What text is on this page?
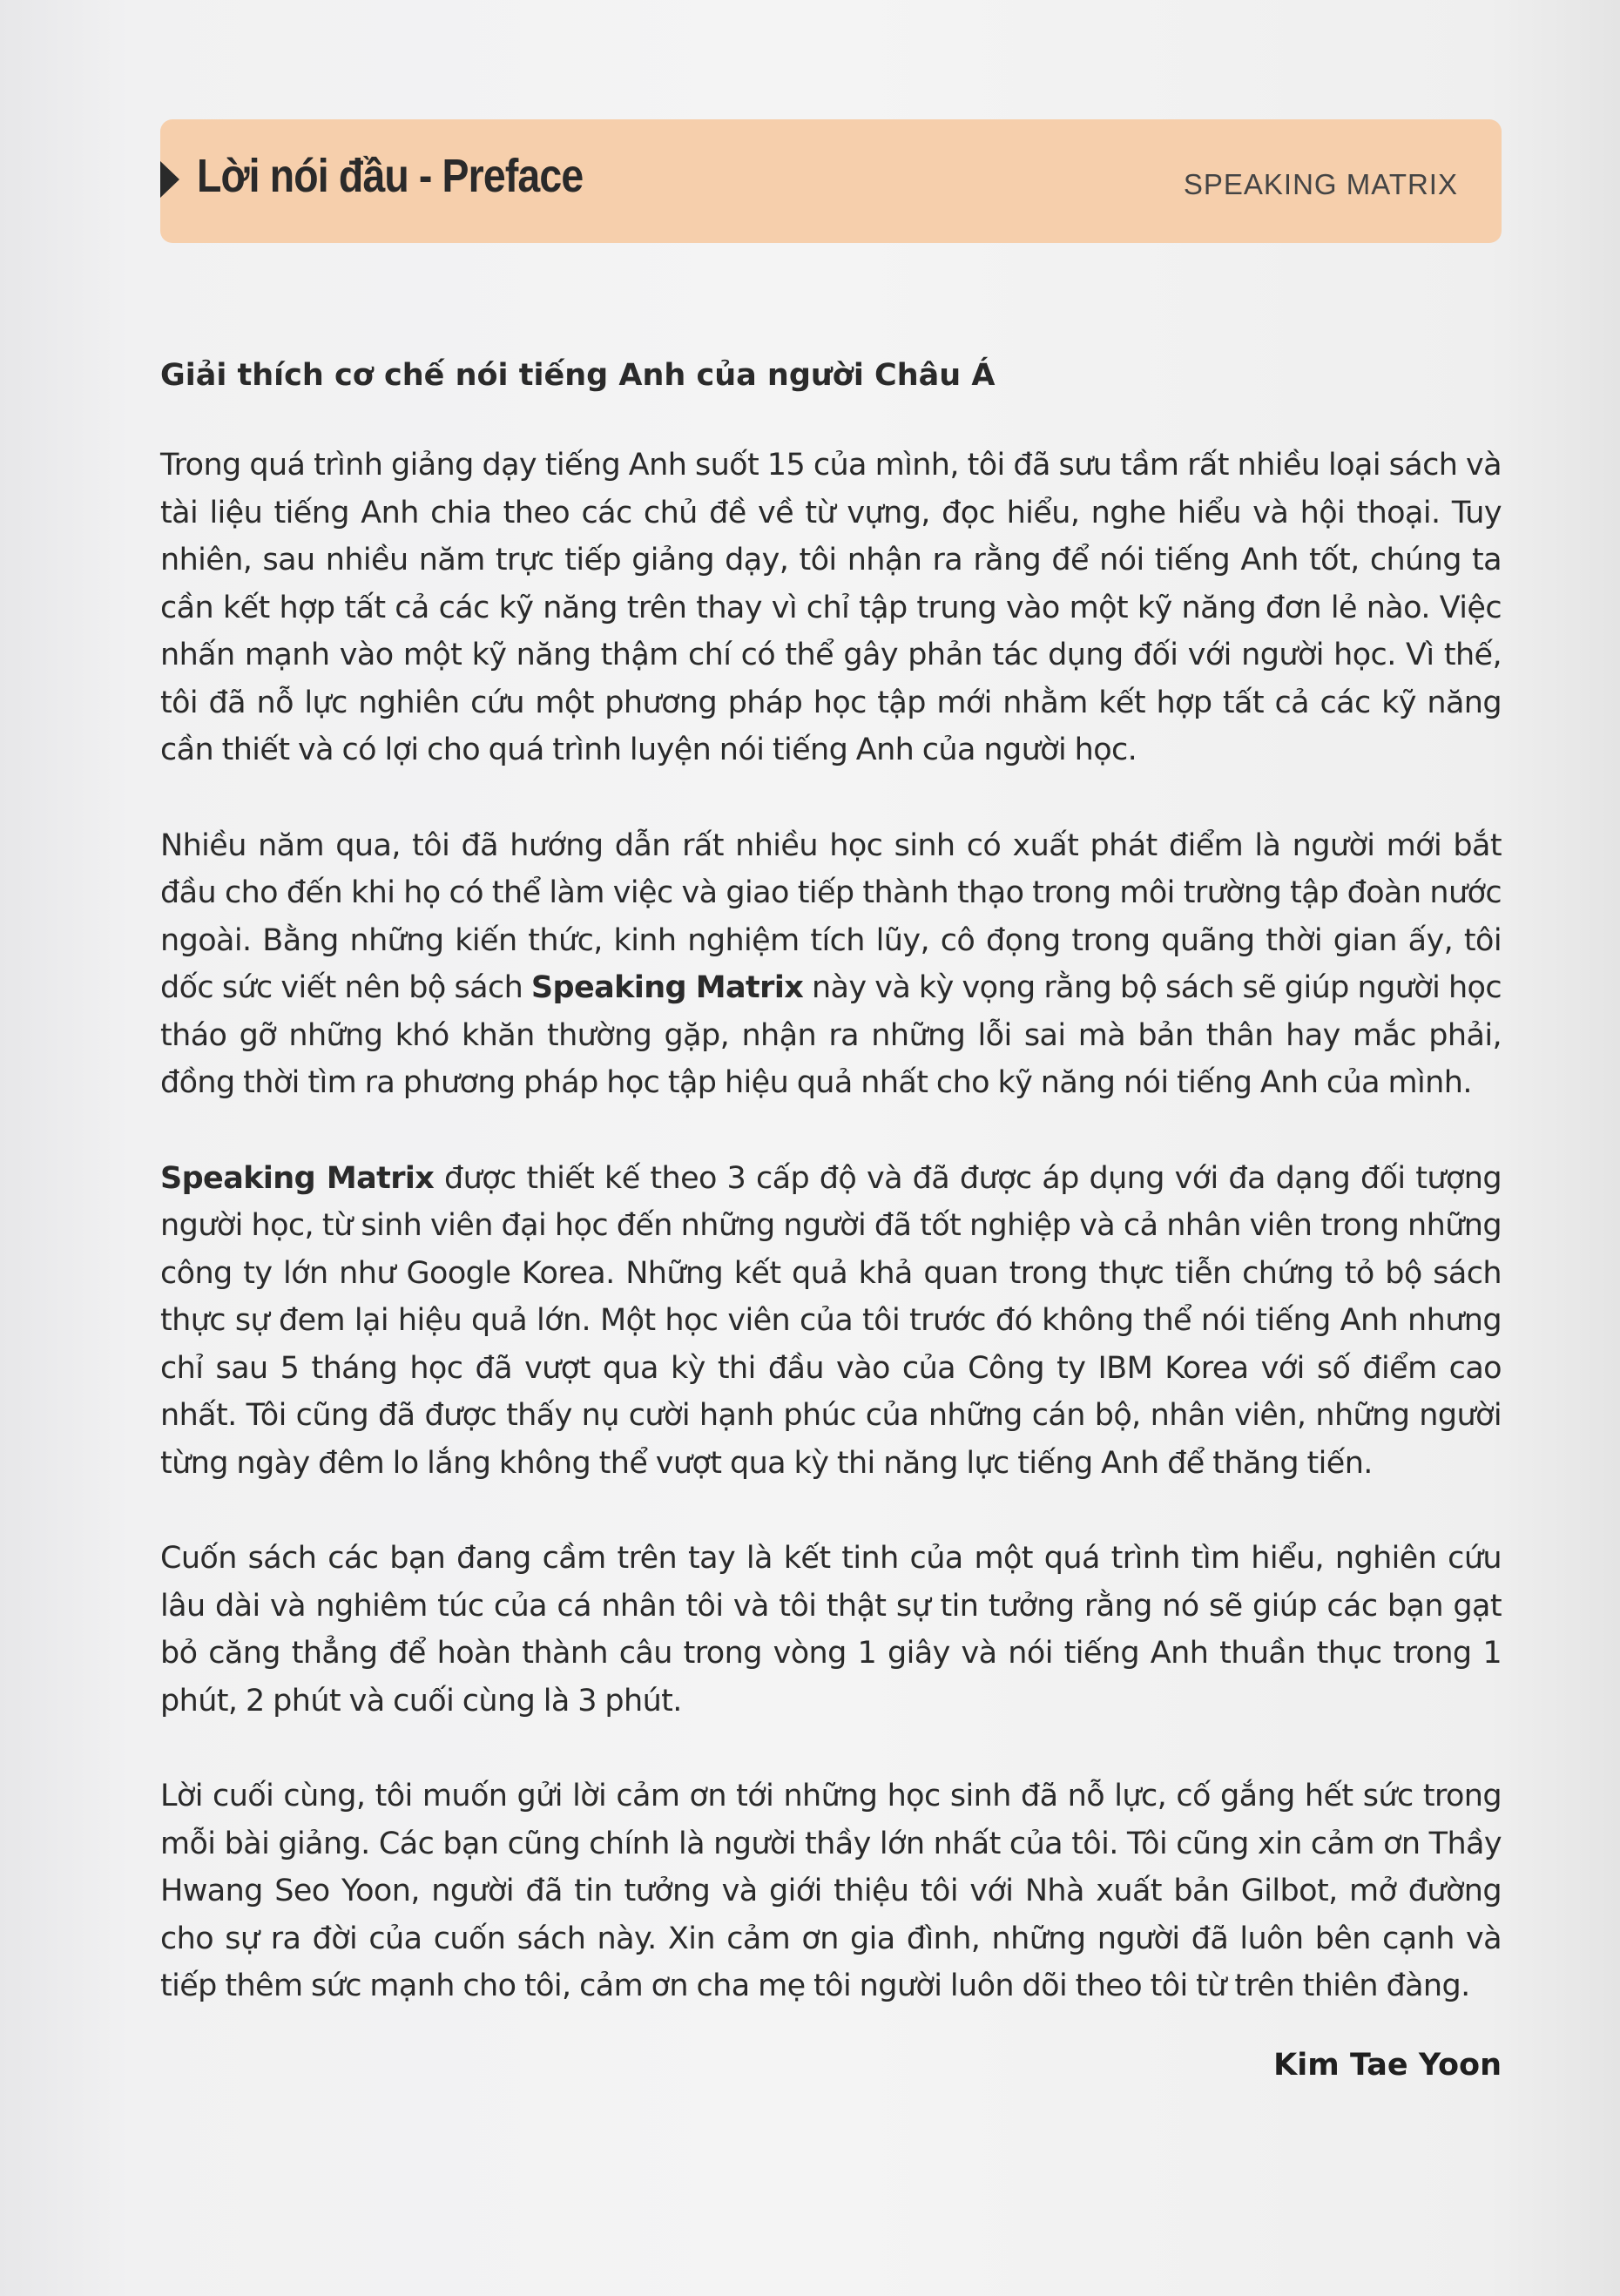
Lời nói đầu - Preface	SPEAKING MATRIX
Giải thích cơ chế nói tiếng Anh của người Châu Á

Trong quá trình giảng dạy tiếng Anh suốt 15 của mình, tôi đã sưu tầm rất nhiều loại sách và tài liệu tiếng Anh chia theo các chủ đề về từ vựng, đọc hiểu, nghe hiểu và hội thoại. Tuy nhiên, sau nhiều năm trực tiếp giảng dạy, tôi nhận ra rằng để nói tiếng Anh tốt, chúng ta cần kết hợp tất cả các kỹ năng trên thay vì chỉ tập trung vào một kỹ năng đơn lẻ nào. Việc nhấn mạnh vào một kỹ năng thậm chí có thể gây phản tác dụng đối với người học. Vì thế, tôi đã nỗ lực nghiên cứu một phương pháp học tập mới nhằm kết hợp tất cả các kỹ năng cần thiết và có lợi cho quá trình luyện nói tiếng Anh của người học.

Nhiều năm qua, tôi đã hướng dẫn rất nhiều học sinh có xuất phát điểm là người mới bắt đầu cho đến khi họ có thể làm việc và giao tiếp thành thạo trong môi trường tập đoàn nước ngoài. Bằng những kiến thức, kinh nghiệm tích lũy, cô đọng trong quãng thời gian ấy, tôi dốc sức viết nên bộ sách Speaking Matrix này và kỳ vọng rằng bộ sách sẽ giúp người học tháo gỡ những khó khăn thường gặp, nhận ra những lỗi sai mà bản thân hay mắc phải, đồng thời tìm ra phương pháp học tập hiệu quả nhất cho kỹ năng nói tiếng Anh của mình.

Speaking Matrix được thiết kế theo 3 cấp độ và đã được áp dụng với đa dạng đối tượng người học, từ sinh viên đại học đến những người đã tốt nghiệp và cả nhân viên trong những công ty lớn như Google Korea. Những kết quả khả quan trong thực tiễn chứng tỏ bộ sách thực sự đem lại hiệu quả lớn. Một học viên của tôi trước đó không thể nói tiếng Anh nhưng chỉ sau 5 tháng học đã vượt qua kỳ thi đầu vào của Công ty IBM Korea với số điểm cao nhất. Tôi cũng đã được thấy nụ cười hạnh phúc của những cán bộ, nhân viên, những người từng ngày đêm lo lắng không thể vượt qua kỳ thi năng lực tiếng Anh để thăng tiến.

Cuốn sách các bạn đang cầm trên tay là kết tinh của một quá trình tìm hiểu, nghiên cứu lâu dài và nghiêm túc của cá nhân tôi và tôi thật sự tin tưởng rằng nó sẽ giúp các bạn gạt bỏ căng thẳng để hoàn thành câu trong vòng 1 giây và nói tiếng Anh thuần thục trong 1 phút, 2 phút và cuối cùng là 3 phút.

Lời cuối cùng, tôi muốn gửi lời cảm ơn tới những học sinh đã nỗ lực, cố gắng hết sức trong mỗi bài giảng. Các bạn cũng chính là người thầy lớn nhất của tôi. Tôi cũng xin cảm ơn Thầy Hwang Seo Yoon, người đã tin tưởng và giới thiệu tôi với Nhà xuất bản Gilbot, mở đường cho sự ra đời của cuốn sách này. Xin cảm ơn gia đình, những người đã luôn bên cạnh và tiếp thêm sức mạnh cho tôi, cảm ơn cha mẹ tôi người luôn dõi theo tôi từ trên thiên đàng.

Kim Tae Yoon
